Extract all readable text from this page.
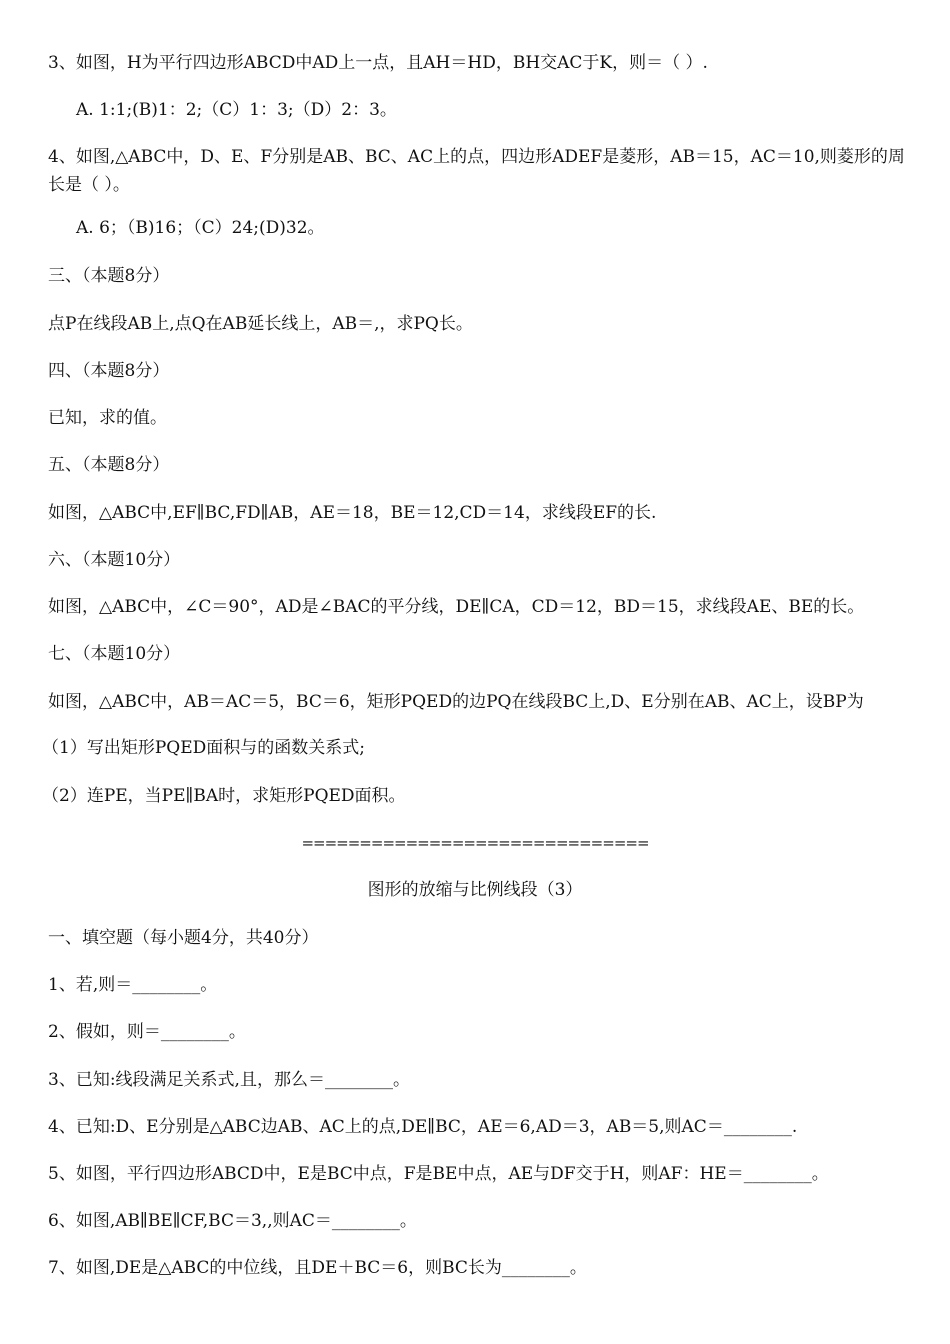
3、如图，H为平行四边形ABCD中AD上一点，且AH＝HD，BH交AC于K，则＝（ ）.
A. 1:1;(B)1：2;（C）1：3;（D）2：3。
4、如图,△ABC中，D、E、F分别是AB、BC、AC上的点，四边形ADEF是菱形，AB＝15，AC＝10,则菱形的周长是（ ）。
A. 6；（B)16；（C）24;(D)32。
三、（本题8分）
点P在线段AB上,点Q在AB延长线上，AB＝,，求PQ长。
四、（本题8分）
已知，求的值。
五、（本题8分）
如图，△ABC中,EF∥BC,FD∥AB，AE＝18，BE＝12,CD＝14，求线段EF的长.
六、（本题10分）
如图，△ABC中，∠C＝90°，AD是∠BAC的平分线，DE∥CA，CD＝12，BD＝15，求线段AE、BE的长。
七、（本题10分）
如图，△ABC中，AB＝AC＝5，BC＝6，矩形PQED的边PQ在线段BC上,D、E分别在AB、AC上，设BP为
（1）写出矩形PQED面积与的函数关系式;
（2）连PE，当PE∥BA时，求矩形PQED面积。
==============================
图形的放缩与比例线段（3）
一、填空题（每小题4分，共40分）
1、若,则＝________。
2、假如，则＝________。
3、已知:线段满足关系式,且，那么＝________。
4、已知:D、E分别是△ABC边AB、AC上的点,DE∥BC，AE＝6,AD＝3，AB＝5,则AC＝________.
5、如图，平行四边形ABCD中，E是BC中点，F是BE中点，AE与DF交于H，则AF：HE＝________。
6、如图,AB∥BE∥CF,BC＝3,,则AC＝________。
7、如图,DE是△ABC的中位线，且DE＋BC＝6，则BC长为________。
